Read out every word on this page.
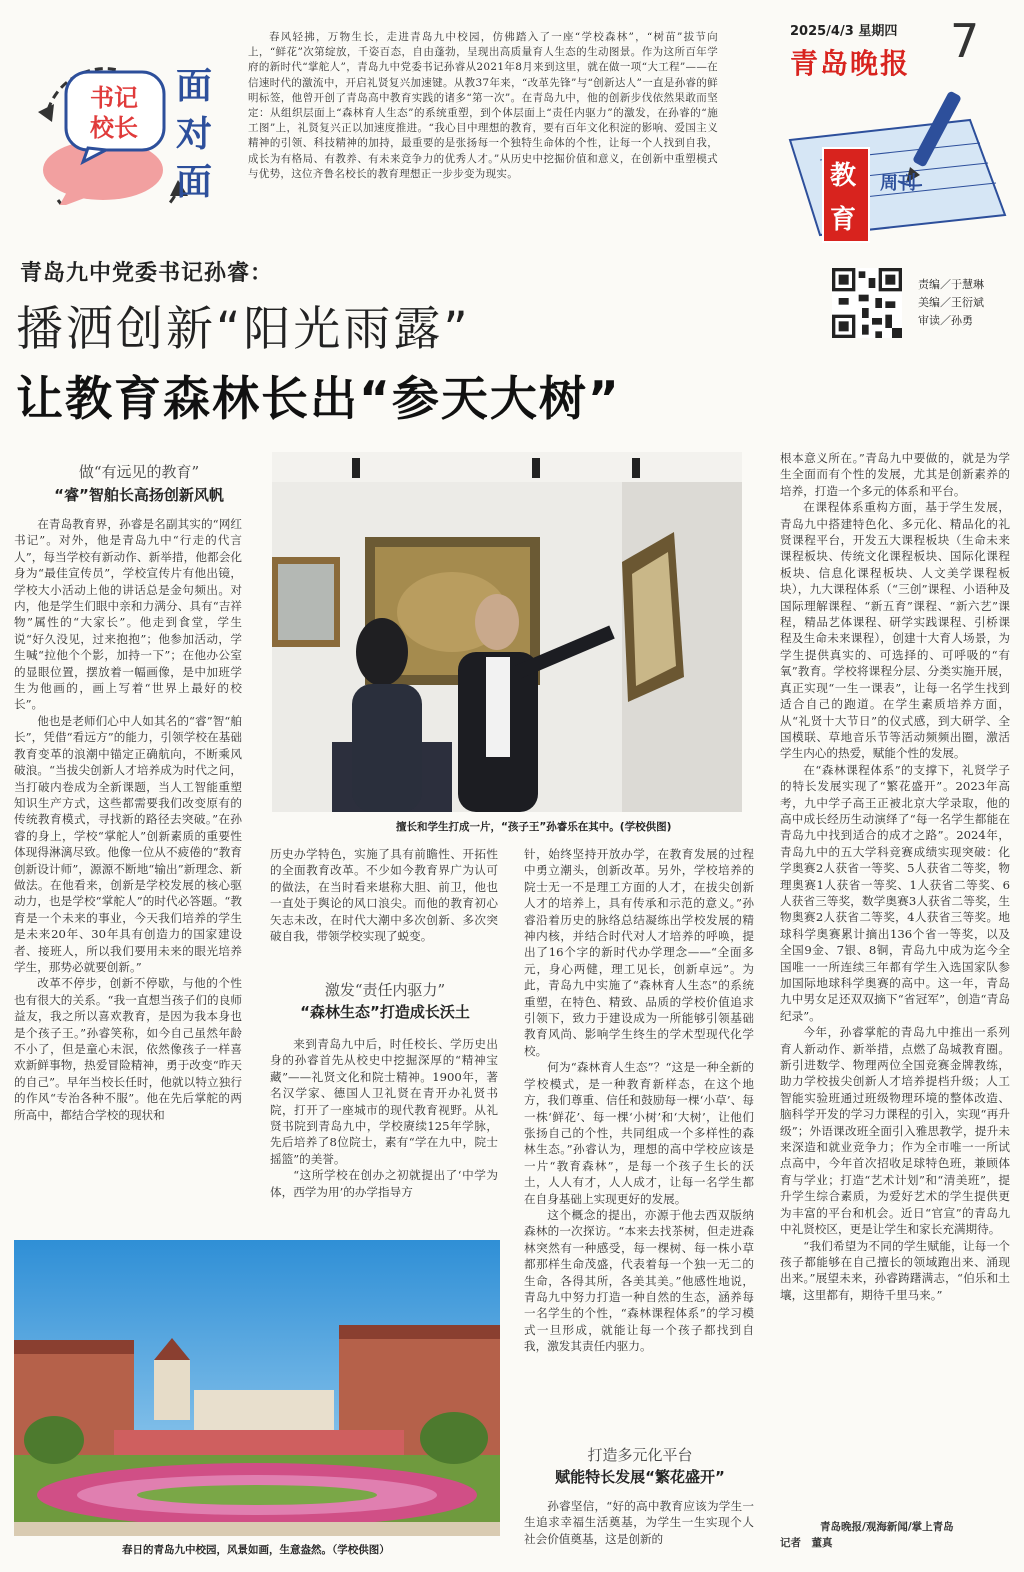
书记
校长
面
对
面
春风轻拂，万物生长，走进青岛九中校园，仿佛踏入了一座“学校森林”，“树苗”拔节向上，“鲜花”次第绽放，千姿百态，自由蓬勃，呈现出高质量育人生态的生动图景。作为这所百年学府的新时代“掌舵人”，青岛九中党委书记孙睿从2021年8月来到这里，就在做一项“大工程”——在信速时代的激流中，开启礼贤复兴加速键。从教37年来，“改革先锋”与“创新达人”一直是孙睿的鲜明标签，他曾开创了青岛高中教育实践的诸多“第一次”。在青岛九中，他的创新步伐依然果敢而坚定：从组织层面上“森林育人生态”的系统重塑，到个体层面上“责任内驱力”的激发，在孙睿的“施工图”上，礼贤复兴正以加速度推进。“我心目中理想的教育，要有百年文化积淀的影响、爱国主义精神的引领、科技精神的加持，最重要的是张扬每一个独特生命体的个性，让每一个人找到自我，成长为有格局、有教养、有未来竞争力的优秀人才。”从历史中挖掘价值和意义，在创新中重塑模式与优势，这位齐鲁名校长的教育理想正一步步变为现实。
2025/4/3 星期四 7
青岛晚报
教
育
周刊
责编／于慧琳
美编／王衍斌
审读／孙勇
青岛九中党委书记孙睿：
播洒创新“阳光雨露”
让教育森林长出“参天大树”
做“有远见的教育”
“睿”智舶长高扬创新风帆

在青岛教育界，孙睿是名副其实的“网红书记”。对外，他是青岛九中“行走的代言人”，每当学校有新动作、新举措，他都会化身为“最佳宣传员”，学校宣传片有他出镜，学校大小活动上他的讲话总是金句频出。对内，他是学生们眼中亲和力满分、具有“吉祥物”属性的“大家长”。他走到食堂，学生说“好久没见，过来抱抱”；他参加活动，学生喊“拉他个个影，加持一下”；在他办公室的显眼位置，摆放着一幅画像，是中加班学生为他画的，画上写着“世界上最好的校长”。

他也是老师们心中人如其名的“睿”智“舶长”，凭借“看远方”的能力，引领学校在基础教育变革的浪潮中锚定正确航向，不断乘风破浪。“当拔尖创新人才培养成为时代之问，当打破内卷成为全新课题，当人工智能重塑知识生产方式，这些都需要我们改变原有的传统教育模式，寻找新的路径去突破。”在孙睿的身上，学校“掌舵人”创新素质的重要性体现得淋漓尽致。他像一位从不疲倦的“教育创新设计师”，源源不断地“输出”新理念、新做法。在他看来，创新是学校发展的核心驱动力，也是学校“掌舵人”的时代必答题。“教育是一个未来的事业，今天我们培养的学生是未来20年、30年具有创造力的国家建设者、接班人，所以我们要用未来的眼光培养学生，那势必就要创新。”

改革不停步，创新不停歇，与他的个性也有很大的关系。“我一直想当孩子们的良师益友，我之所以喜欢教育，是因为我本身也是个孩子王。”孙睿笑称，如今自己虽然年龄不小了，但是童心未泯，依然像孩子一样喜欢新鲜事物，热爱冒险精神，勇于改变“昨天的自己”。早年当校长任时，他就以特立独行的作风“专治各种不服”。他在先后掌舵的两所高中，都结合学校的现状和

擅长和学生打成一片，“孩子王”孙睿乐在其中。(学校供图)

历史办学特色，实施了具有前瞻性、开拓性的全面教育改革。不少如今教育界广为认可的做法，在当时看来堪称大胆、前卫，他也一直处于舆论的风口浪尖。而他的教育初心矢志未改，在时代大潮中多次创新、多次突破自我，带领学校实现了蜕变。

激发“责任内驱力”
“森林生态”打造成长沃土

来到青岛九中后，时任校长、学历史出身的孙睿首先从校史中挖掘深厚的“精神宝藏”——礼贤文化和院士精神。1900年，著名汉学家、德国人卫礼贤在青开办礼贤书院，打开了一座城市的现代教育视野。从礼贤书院到青岛九中，学校赓续125年学脉，先后培养了8位院士，素有“学在九中，院士摇篮”的美誉。

“这所学校在创办之初就提出了‘中学为体，西学为用’的办学指导方

针，始终坚持开放办学，在教育发展的过程中勇立潮头，创新改革。另外，学校培养的院士无一不是理工方面的人才，在拔尖创新人才的培养上，具有传承和示范的意义。”孙睿沿着历史的脉络总结凝练出学校发展的精神内核，并结合时代对人才培养的呼唤，提出了16个字的新时代办学理念——“全面多元，身心两健，理工见长，创新卓远”。为此，青岛九中实施了“森林育人生态”的系统重塑，在特色、精致、品质的学校价值追求引领下，致力于建设成为一所能够引领基础教育风尚、影响学生终生的学术型现代化学校。

何为“森林育人生态”？“这是一种全新的学校模式，是一种教育新样态，在这个地方，我们尊重、信任和鼓励每一棵‘小草’、每一株‘鲜花’、每一棵‘小树’和‘大树’，让他们张扬自己的个性，共同组成一个多样性的森林生态。”孙睿认为，理想的高中学校应该是一片“教育森林”，是每一个孩子生长的沃土，人人有才，人人成才，让每一名学生都在自身基础上实现更好的发展。

这个概念的提出，亦源于他去西双版纳森林的一次探访。“本来去找茶树，但走进森林突然有一种感受，每一棵树、每一株小草都那样生命茂盛，代表着每一个独一无二的生命，各得其所，各美其美。”他感性地说，青岛九中努力打造一种自然的生态，涵养每一名学生的个性，“森林课程体系”的学习模式一旦形成，就能让每一个孩子都找到自我，激发其责任内驱力。

打造多元化平台
赋能特长发展“繁花盛开”

孙睿坚信，“好的高中教育应该为学生一生追求幸福生活奠基，为学生一生实现个人社会价值奠基，这是创新的

根本意义所在。”青岛九中要做的，就是为学生全面而有个性的发展，尤其是创新素养的培养，打造一个多元的体系和平台。

在课程体系重构方面，基于学生发展，青岛九中搭建特色化、多元化、精品化的礼贤课程平台，开发五大课程板块（生命未来课程板块、传统文化课程板块、国际化课程板块、信息化课程板块、人文美学课程板块），九大课程体系（“三创”课程、小语种及国际理解课程、“新五育”课程、“新六艺”课程，精品艺体课程、研学实践课程、引桥课程及生命未来课程），创建十大育人场景，为学生提供真实的、可选择的、可呼吸的“有氧”教育。学校将课程分层、分类实施开展，真正实现“一生一课表”，让每一名学生找到适合自己的跑道。在学生素质培养方面，从“礼贤十大节日”的仪式感，到大研学、全国模联、草地音乐节等活动频频出圈，激活学生内心的热爱，赋能个性的发展。

在“森林课程体系”的支撑下，礼贤学子的特长发展实现了“繁花盛开”。2023年高考，九中学子高王正被北京大学录取，他的高中成长经历生动演绎了“每一名学生都能在青岛九中找到适合的成才之路”。2024年，青岛九中的五大学科竞赛成绩实现突破：化学奥赛2人获省一等奖、5人获省二等奖，物理奥赛1人获省一等奖、1人获省二等奖、6人获省三等奖，数学奥赛3人获省二等奖，生物奥赛2人获省二等奖，4人获省三等奖。地球科学奥赛累计摘出136个省一等奖，以及全国9金、7银、8铜，青岛九中成为迄今全国唯一一所连续三年都有学生入选国家队参加国际地球科学奥赛的高中。这一年，青岛九中男女足还双双摘下“省冠军”，创造“青岛纪录”。

今年，孙睿掌舵的青岛九中推出一系列育人新动作、新举措，点燃了岛城教育圈。新引进数学、物理两位全国竞赛金牌教练，助力学校拔尖创新人才培养提档升级；人工智能实验班通过班级物理环境的整体改造、脑科学开发的学习力课程的引入，实现“再升级”；外语课改班全面引入雅思教学，提升未来深造和就业竞争力；作为全市唯一一所试点高中，今年首次招收足球特色班，兼顾体育与学业；打造“艺术计划”和“清美班”，提升学生综合素质，为爱好艺术的学生提供更为丰富的平台和机会。近日“官宣”的青岛九中礼贤校区，更是让学生和家长充满期待。

“我们希望为不同的学生赋能，让每一个孩子都能够在自己擅长的领域跑出来、涌现出来。”展望未来，孙睿踌躇满志，“伯乐和土壤，这里都有，期待千里马来。”

青岛晚报/观海新闻/掌上青岛
记者　董真
春日的青岛九中校园，风景如画，生意盎然。（学校供图）
